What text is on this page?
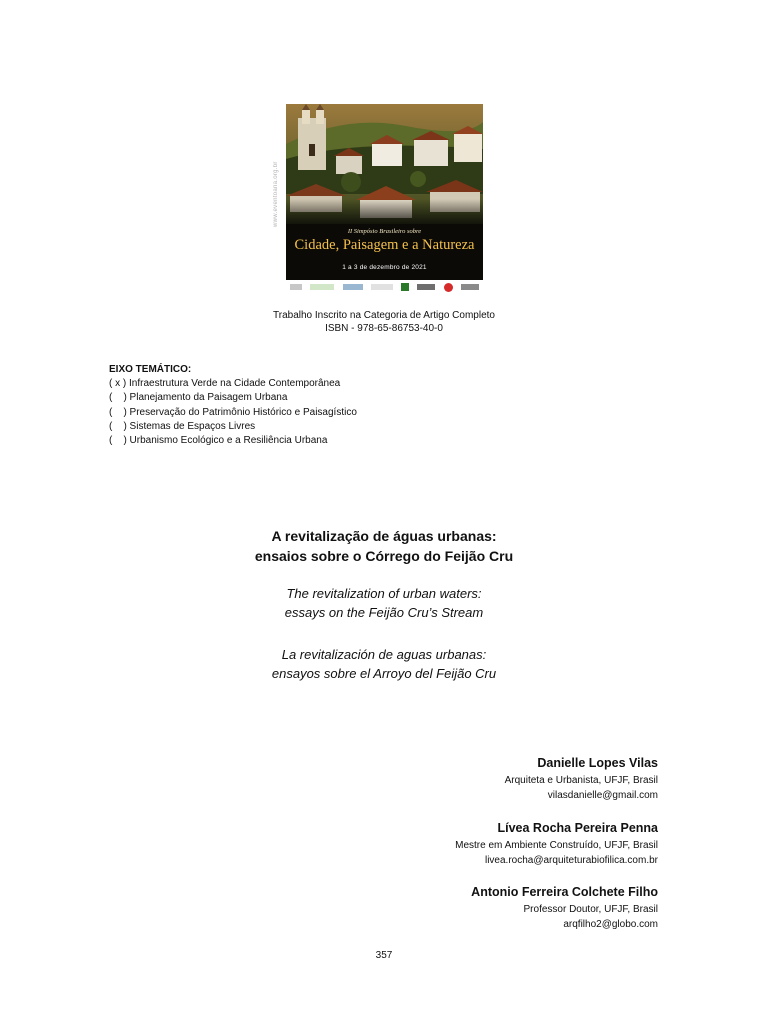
www.eventoana.org.br
II Simpósio Brasileiro sobre
Cidade, Paisagem e a Natureza
1 a 3 de dezembro de 2021
Trabalho Inscrito na Categoria de Artigo Completo
ISBN - 978-65-86753-40-0
EIXO TEMÁTICO:
( x ) Infraestrutura Verde na Cidade Contemporânea
(    ) Planejamento da Paisagem Urbana
(    ) Preservação do Patrimônio Histórico e Paisagístico
(    ) Sistemas de Espaços Livres
(    ) Urbanismo Ecológico e a Resiliência Urbana
A revitalização de águas urbanas:
ensaios sobre o Córrego do Feijão Cru
The revitalization of urban waters:
essays on the Feijão Cru’s Stream
La revitalización de aguas urbanas:
ensayos sobre el Arroyo del Feijão Cru
Danielle Lopes Vilas
Arquiteta e Urbanista, UFJF, Brasil
vilasdanielle@gmail.com
Lívea Rocha Pereira Penna
Mestre em Ambiente Construído, UFJF, Brasil
livea.rocha@arquiteturabiofilica.com.br
Antonio Ferreira Colchete Filho
Professor Doutor, UFJF, Brasil
arqfilho2@globo.com
357
